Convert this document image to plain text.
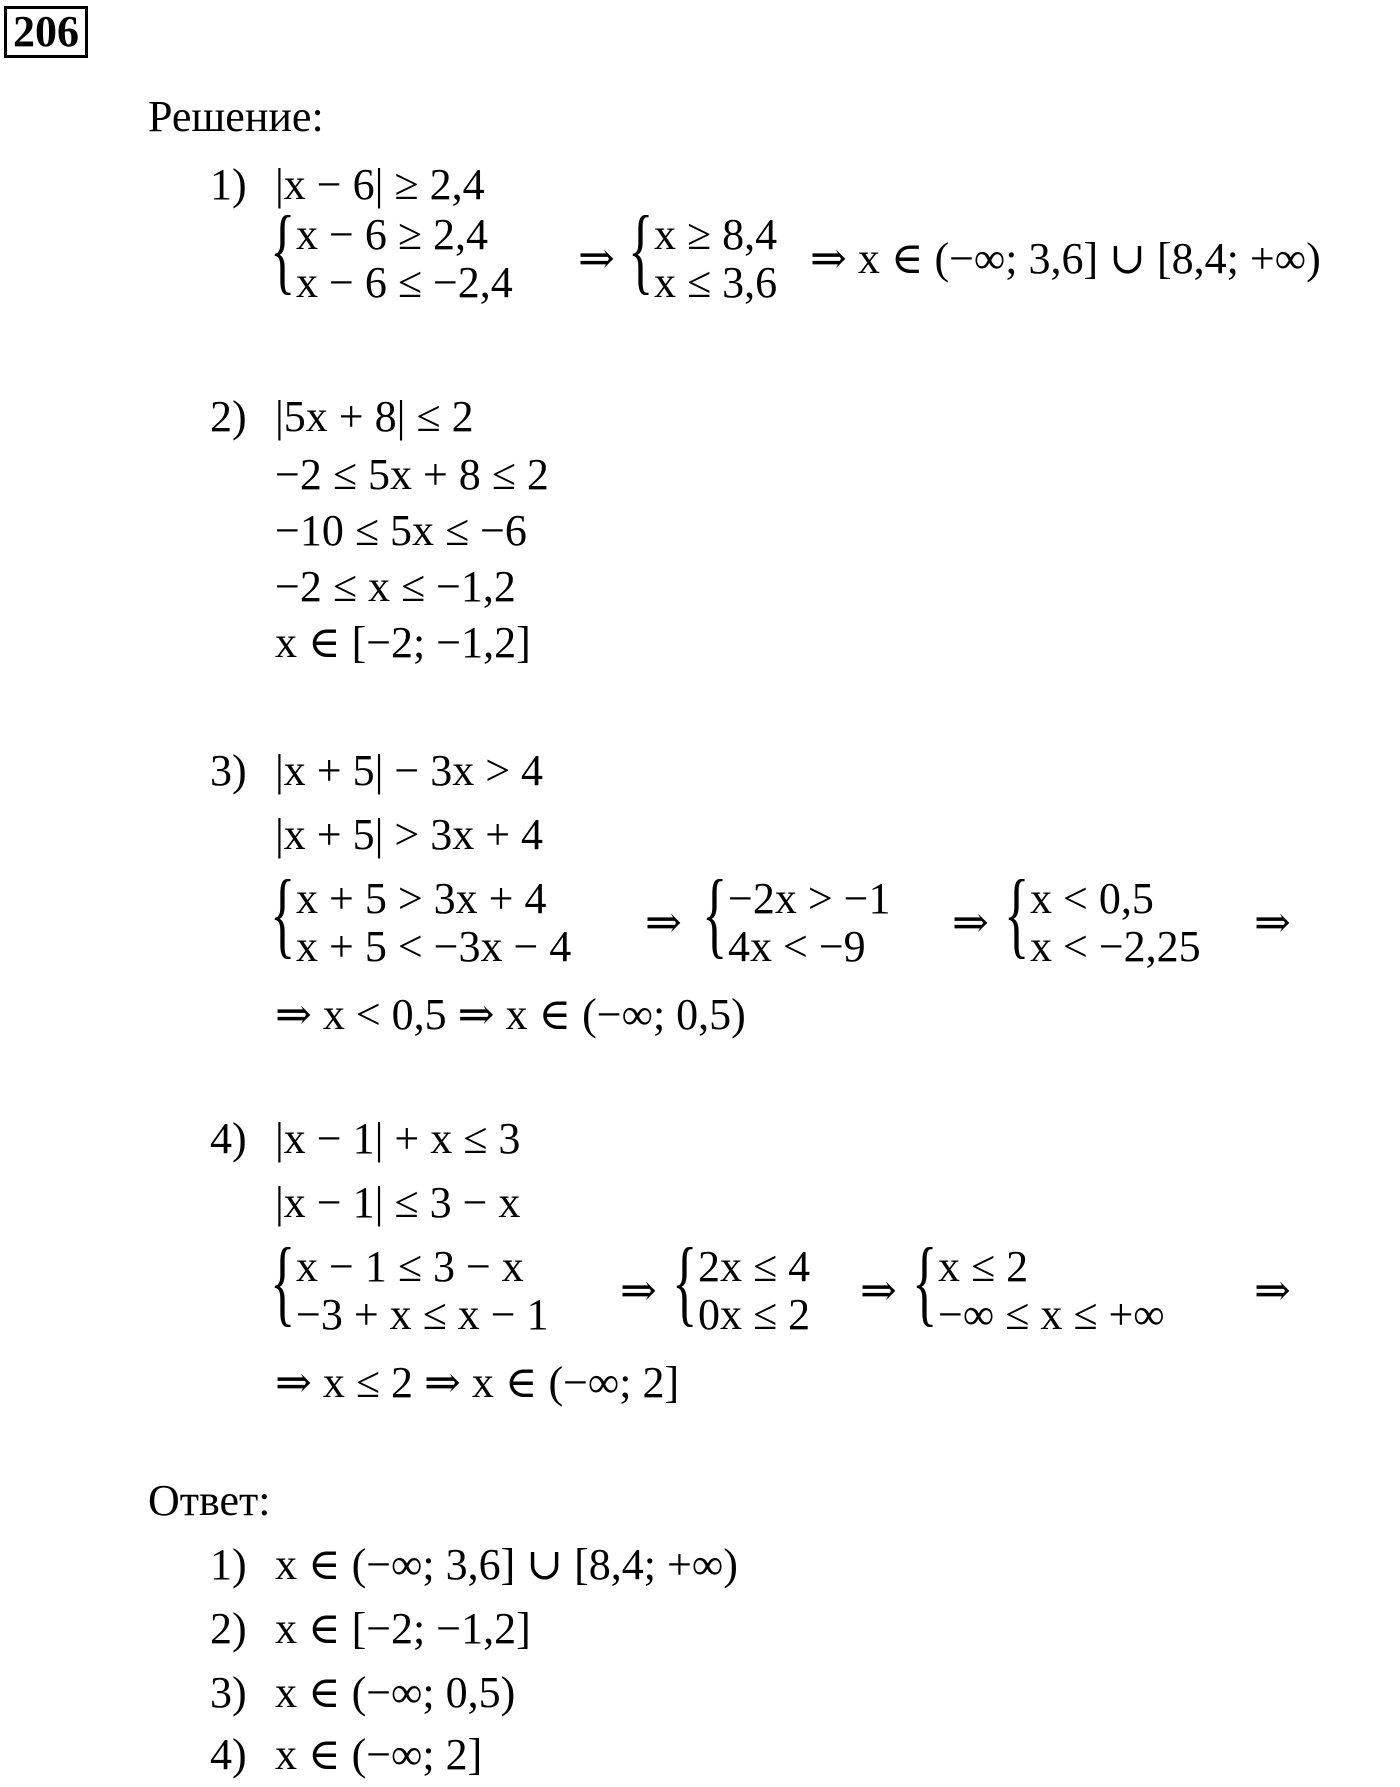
206
Решение:
1) |x − 6| ≥ 2,4
{ x − 6 ≥ 2,4
x − 6 ≤ −2,4 ⇒ { x ≥ 8,4
x ≤ 3,6 ⇒ x ∈ (−∞; 3,6] ∪ [8,4; +∞)
2) |5x + 8| ≤ 2
−2 ≤ 5x + 8 ≤ 2
−10 ≤ 5x ≤ −6
−2 ≤ x ≤ −1,2
x ∈ [−2; −1,2]
3) |x + 5| − 3x > 4
|x + 5| > 3x + 4
{ x + 5 > 3x + 4
x + 5 < −3x − 4 ⇒ { −2x > −1
4x < −9 ⇒ { x < 0,5
x < −2,25 ⇒
⇒ x < 0,5 ⇒ x ∈ (−∞; 0,5)
4) |x − 1| + x ≤ 3
|x − 1| ≤ 3 − x
{ x − 1 ≤ 3 − x
−3 + x ≤ x − 1 ⇒ { 2x ≤ 4
0x ≤ 2 ⇒ { x ≤ 2
−∞ ≤ x ≤ +∞ ⇒
⇒ x ≤ 2 ⇒ x ∈ (−∞; 2]
Ответ:
1) x ∈ (−∞; 3,6] ∪ [8,4; +∞)
2) x ∈ [−2; −1,2]
3) x ∈ (−∞; 0,5)
4) x ∈ (−∞; 2]
